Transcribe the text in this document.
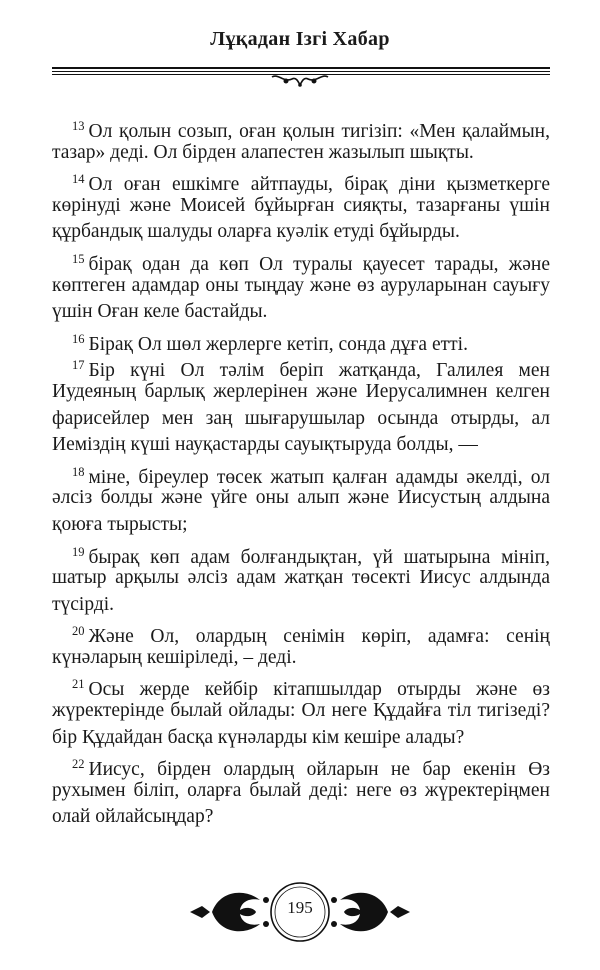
Лұқадан Ізгі Хабар
$^{13}$ Ол қолын созып, оған қолын тигізіп: «Мен қалаймын,
тазар» деді. Ол бірден алапестен жазылып шықты.
$^{14}$ Ол оған ешкімге айтпауды, бірақ діни қызметкерге
көрінуді және Моисей бұйырған сияқты, тазарғаны үшін
құрбандық шалуды оларға куәлік етуді бұйырды.
$^{15}$ бірақ одан да көп Ол туралы қауесет тарады, және
көптеген адамдар оны тыңдау және өз ауруларынан сауығу
үшін Оған келе бастайды.
$^{16}$ Бірақ Ол шөл жерлерге кетіп, сонда дұға етті.
$^{17}$ Бір күні Ол тәлім беріп жатқанда, Галилея мен
Иудеяның барлық жерлерінен және Иерусалимнен келген
фарисейлер мен заң шығарушылар осында отырды, ал
Иеміздің күші науқастарды сауықтыруда болды, —
$^{18}$ міне, біреулер төсек жатып қалған адамды әкелді, ол
әлсіз болды және үйге оны алып және Иисустың алдына
қоюға тырысты;
$^{19}$ бырақ көп адам болғандықтан, үй шатырына мініп,
шатыр арқылы әлсіз адам жатқан төсекті Иисус алдында
түсірді.
$^{20}$ Және Ол, олардың сенімін көріп, адамға: сенің
күнәларың кешіріледі, – деді.
$^{21}$ Осы жерде кейбір кітапшылдар отырды және өз
жүректерінде былай ойлады: Ол неге Құдайға тіл тигізеді?
бір Құдайдан басқа күнәларды кім кешіре алады?
$^{22}$ Иисус, бірден олардың ойларын не бар екенін Өз
рухымен біліп, оларға былай деді: неге өз жүректеріңмен
олай ойлайсыңдар?
195
